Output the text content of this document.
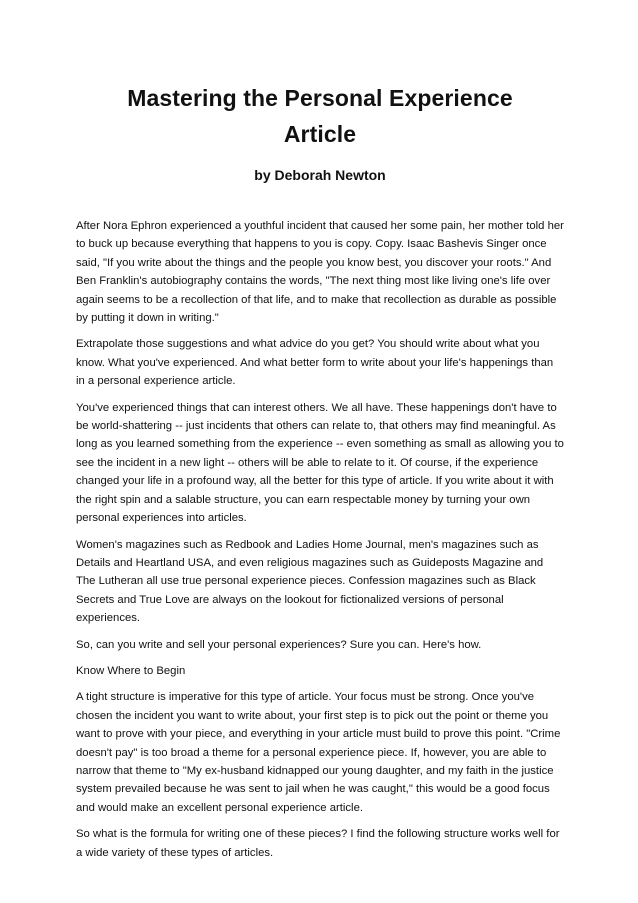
Mastering the Personal Experience
Article
by Deborah Newton

After Nora Ephron experienced a youthful incident that caused her some pain, her mother told her to buck up because everything that happens to you is copy. Copy. Isaac Bashevis Singer once said, "If you write about the things and the people you know best, you discover your roots." And Ben Franklin's autobiography contains the words, "The next thing most like living one's life over again seems to be a recollection of that life, and to make that recollection as durable as possible by putting it down in writing."

Extrapolate those suggestions and what advice do you get? You should write about what you know. What you've experienced. And what better form to write about your life's happenings than in a personal experience article.

You've experienced things that can interest others. We all have. These happenings don't have to be world-shattering -- just incidents that others can relate to, that others may find meaningful. As long as you learned something from the experience -- even something as small as allowing you to see the incident in a new light -- others will be able to relate to it. Of course, if the experience changed your life in a profound way, all the better for this type of article. If you write about it with the right spin and a salable structure, you can earn respectable money by turning your own personal experiences into articles.

Women's magazines such as Redbook and Ladies Home Journal, men's magazines such as Details and Heartland USA, and even religious magazines such as Guideposts Magazine and The Lutheran all use true personal experience pieces. Confession magazines such as Black Secrets and True Love are always on the lookout for fictionalized versions of personal experiences.

So, can you write and sell your personal experiences? Sure you can. Here's how.

Know Where to Begin

A tight structure is imperative for this type of article. Your focus must be strong. Once you've chosen the incident you want to write about, your first step is to pick out the point or theme you want to prove with your piece, and everything in your article must build to prove this point. "Crime doesn't pay" is too broad a theme for a personal experience piece. If, however, you are able to narrow that theme to "My ex-husband kidnapped our young daughter, and my faith in the justice system prevailed because he was sent to jail when he was caught," this would be a good focus and would make an excellent personal experience article.

So what is the formula for writing one of these pieces? I find the following structure works well for a wide variety of these types of articles.
